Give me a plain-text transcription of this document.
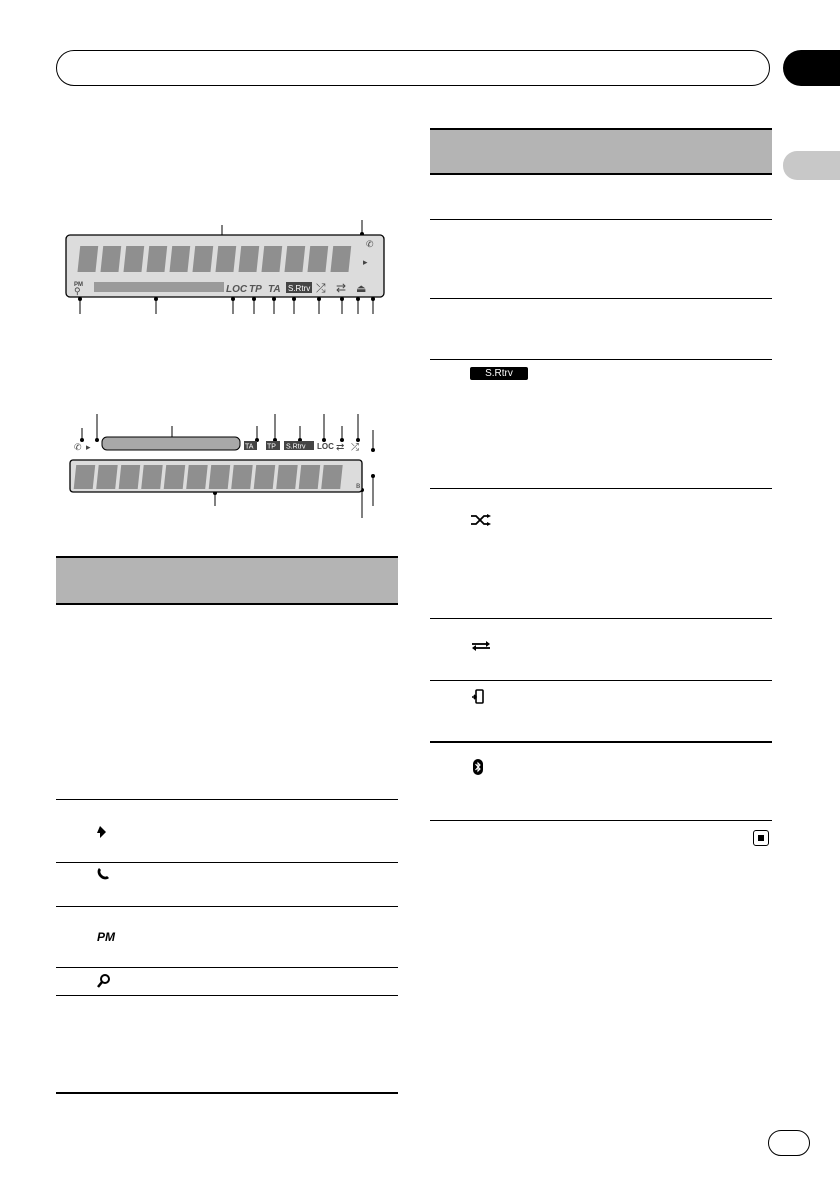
LOC TP TA S.Rtrv ⤮ ⇄ ⏏
PM
⚲
▸
✆
✆ ▸	TA TP S.Rtrv LOC ⇄ ⤮
ʙ
PM
S.Rtrv
